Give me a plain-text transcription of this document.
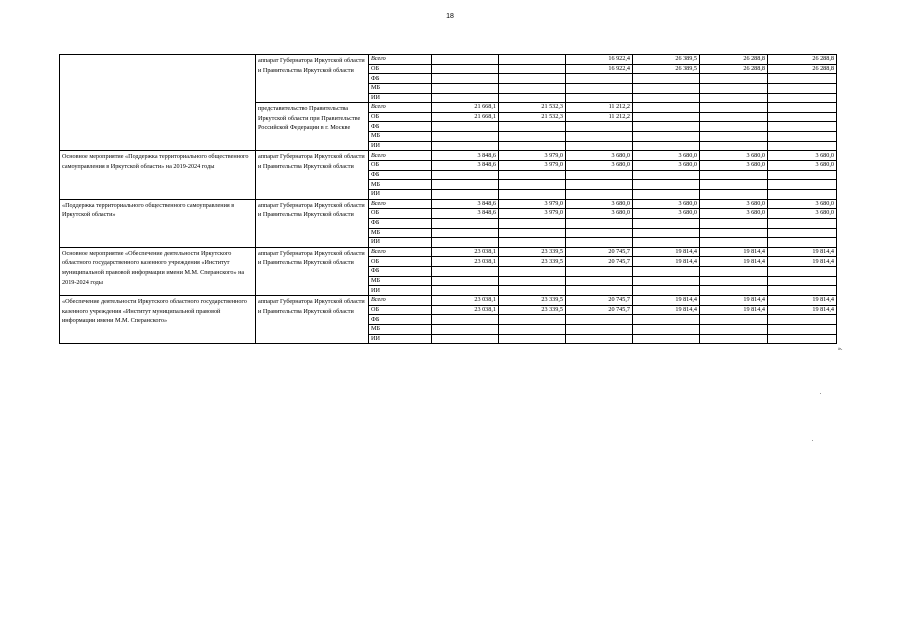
18
	аппарат Губернатора Иркутской области и Правительства Иркутской области	Всего			16 922,4	26 389,5	26 288,8	26 288,8
		ОБ			16 922,4	26 389,5	26 288,8	26 288,8
		ФБ						
		МБ						
		ИИ						
	представительство Правительства Иркутской области при Правительстве Российской Федерации в г. Москве	Всего	21 668,1	21 532,3	11 212,2			
		ОБ	21 668,1	21 532,3	11 212,2			
		ФБ						
		МБ						
		ИИ						
Основное мероприятие «Поддержка территориального общественного самоуправления в Иркутской области» на 2019-2024 годы	аппарат Губернатора Иркутской области и Правительства Иркутской области	Всего	3 848,6	3 979,0	3 680,0	3 680,0	3 680,0	3 680,0
		ОБ	3 848,6	3 979,0	3 680,0	3 680,0	3 680,0	3 680,0
		ФБ						
		МБ						
		ИИ						
«Поддержка территориального общественного самоуправления в Иркутской области»	аппарат Губернатора Иркутской области и Правительства Иркутской области	Всего	3 848,6	3 979,0	3 680,0	3 680,0	3 680,0	3 680,0
		ОБ	3 848,6	3 979,0	3 680,0	3 680,0	3 680,0	3 680,0
		ФБ						
		МБ						
		ИИ						
Основное мероприятие «Обеспечение деятельности Иркутского областного государственного казенного учреждения «Институт муниципальной правовой информации имени М.М. Сперанского» на 2019-2024 годы	аппарат Губернатора Иркутской области и Правительства Иркутской области	Всего	23 038,1	23 339,5	20 745,7	19 814,4	19 814,4	19 814,4
		ОБ	23 038,1	23 339,5	20 745,7	19 814,4	19 814,4	19 814,4
		ФБ						
		МБ						
		ИИ						
«Обеспечение деятельности Иркутского областного государственного казенного учреждения «Институт муниципальной правовой информации имени М.М. Сперанского»	аппарат Губернатора Иркутской области и Правительства Иркутской области	Всего	23 038,1	23 339,5	20 745,7	19 814,4	19 814,4	19 814,4
		ОБ	23 038,1	23 339,5	20 745,7	19 814,4	19 814,4	19 814,4
		ФБ						
		МБ						
		ИИ						
».
